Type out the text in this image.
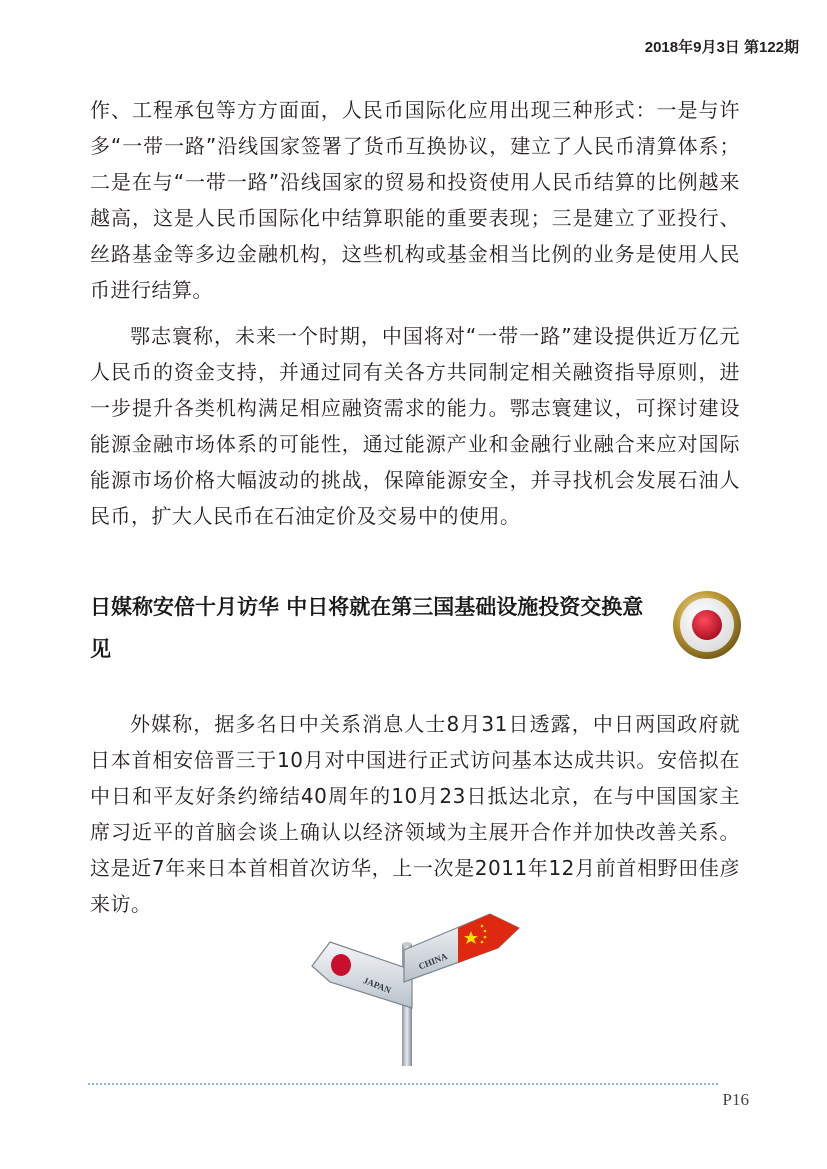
2018年9月3日 第122期

作、工程承包等方方面面，人民币国际化应用出现三种形式：一是与许多“一带一路”沿线国家签署了货币互换协议，建立了人民币清算体系；二是在与“一带一路”沿线国家的贸易和投资使用人民币结算的比例越来越高，这是人民币国际化中结算职能的重要表现；三是建立了亚投行、丝路基金等多边金融机构，这些机构或基金相当比例的业务是使用人民币进行结算。

鄂志寰称，未来一个时期，中国将对“一带一路”建设提供近万亿元人民币的资金支持，并通过同有关各方共同制定相关融资指导原则，进一步提升各类机构满足相应融资需求的能力。鄂志寰建议，可探讨建设能源金融市场体系的可能性，通过能源产业和金融行业融合来应对国际能源市场价格大幅波动的挑战，保障能源安全，并寻找机会发展石油人民币，扩大人民币在石油定价及交易中的使用。

日媒称安倍十月访华 中日将就在第三国基础设施投资交换意见

外媒称，据多名日中关系消息人士8月31日透露，中日两国政府就日本首相安倍晋三于10月对中国进行正式访问基本达成共识。安倍拟在中日和平友好条约缔结40周年的10月23日抵达北京，在与中国国家主席习近平的首脑会谈上确认以经济领域为主展开合作并加快改善关系。这是近7年来日本首相首次访华，上一次是2011年12月前首相野田佳彦来访。

JAPAN
CHINA
P16
